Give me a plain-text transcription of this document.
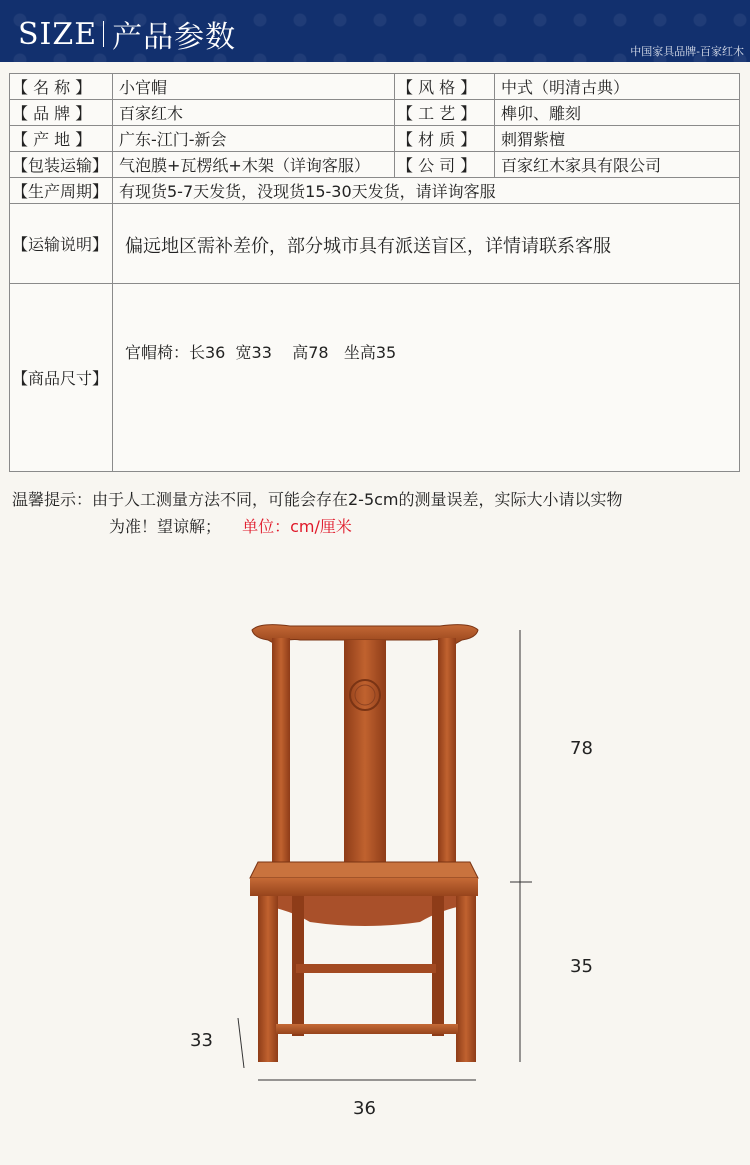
SIZE 产品参数	中国家具品牌-百家红木
【 名 称 】	小官帽	【 风 格 】	中式（明清古典）
【 品 牌 】	百家红木	【 工 艺 】	榫卯、雕刻
【 产 地 】	广东-江门-新会	【 材 质 】	刺猬紫檀
【包装运输】	气泡膜+瓦楞纸+木架（详询客服）	【 公 司 】	百家红木家具有限公司
【生产周期】	有现货5-7天发货，没现货15-30天发货，请详询客服		
【运输说明】	偏远地区需补差价，部分城市具有派送盲区，详情请联系客服		
【商品尺寸】	官帽椅：长36  宽33    高78   坐高35		
温馨提示：由于人工测量方法不同，可能会存在2-5cm的测量误差，实际大小请以实物
为准！望谅解； 单位：cm/厘米
78
35
33
36
